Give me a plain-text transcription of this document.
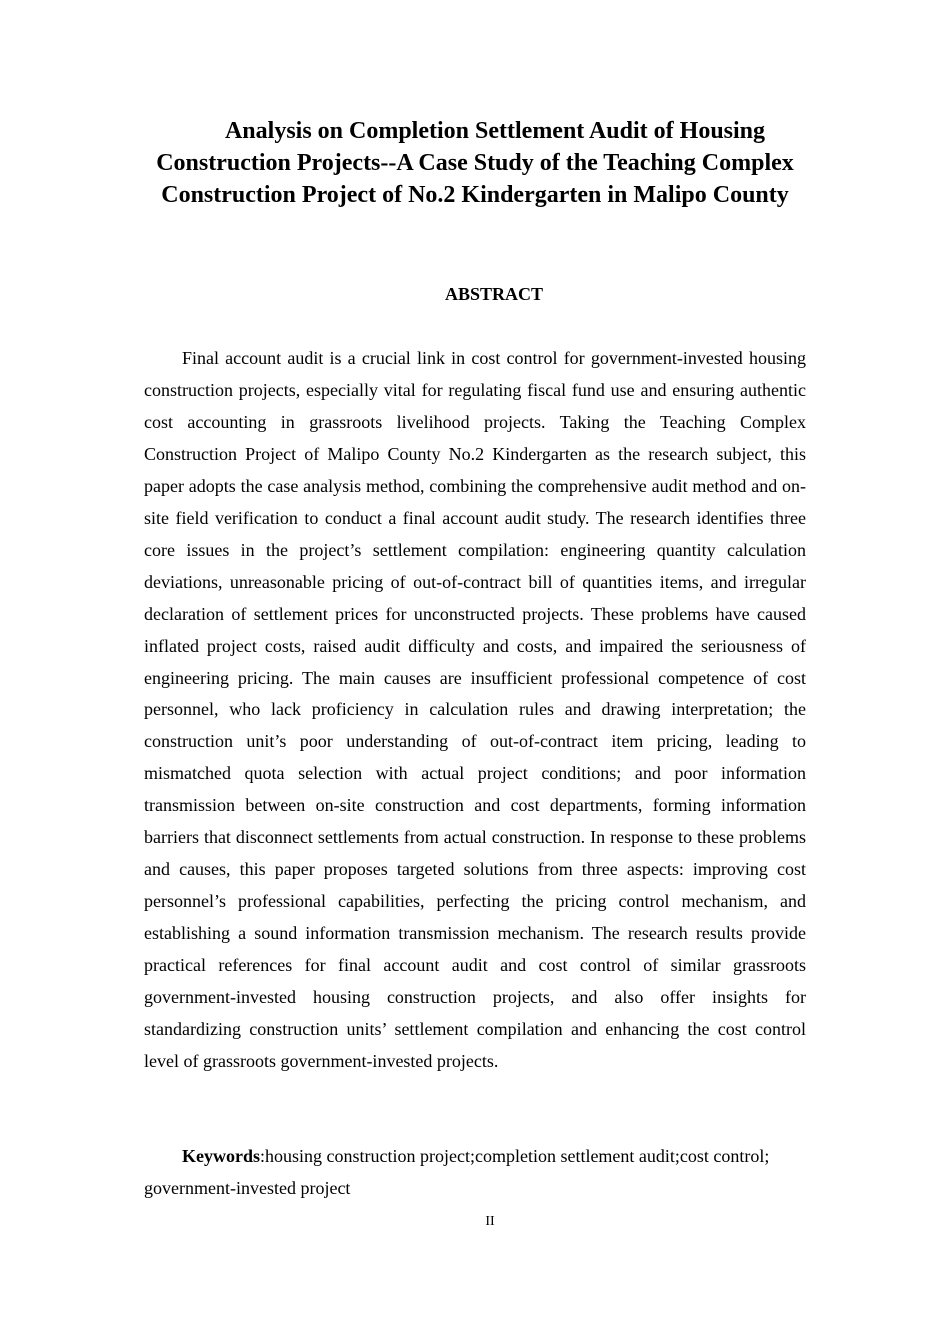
Analysis on Completion Settlement Audit of Housing Construction Projects--A Case Study of the Teaching Complex Construction Project of No.2 Kindergarten in Malipo County
ABSTRACT

Final account audit is a crucial link in cost control for government-invested housing construction projects, especially vital for regulating fiscal fund use and ensuring authentic cost accounting in grassroots livelihood projects. Taking the Teaching Complex Construction Project of Malipo County No.2 Kindergarten as the research subject, this paper adopts the case analysis method, combining the comprehensive audit method and on-site field verification to conduct a final account audit study. The research identifies three core issues in the project’s settlement compilation: engineering quantity calculation deviations, unreasonable pricing of out-of-contract bill of quantities items, and irregular declaration of settlement prices for unconstructed projects. These problems have caused inflated project costs, raised audit difficulty and costs, and impaired the seriousness of engineering pricing. The main causes are insufficient professional competence of cost personnel, who lack proficiency in calculation rules and drawing interpretation; the construction unit’s poor understanding of out-of-contract item pricing, leading to mismatched quota selection with actual project conditions; and poor information transmission between on-site construction and cost departments, forming information barriers that disconnect settlements from actual construction. In response to these problems and causes, this paper proposes targeted solutions from three aspects: improving cost personnel’s professional capabilities, perfecting the pricing control mechanism, and establishing a sound information transmission mechanism. The research results provide practical references for final account audit and cost control of similar grassroots government-invested housing construction projects, and also offer insights for standardizing construction units’ settlement compilation and enhancing the cost control level of grassroots government-invested projects.

Keywords:housing construction project;completion settlement audit;cost control; government-invested project

II
